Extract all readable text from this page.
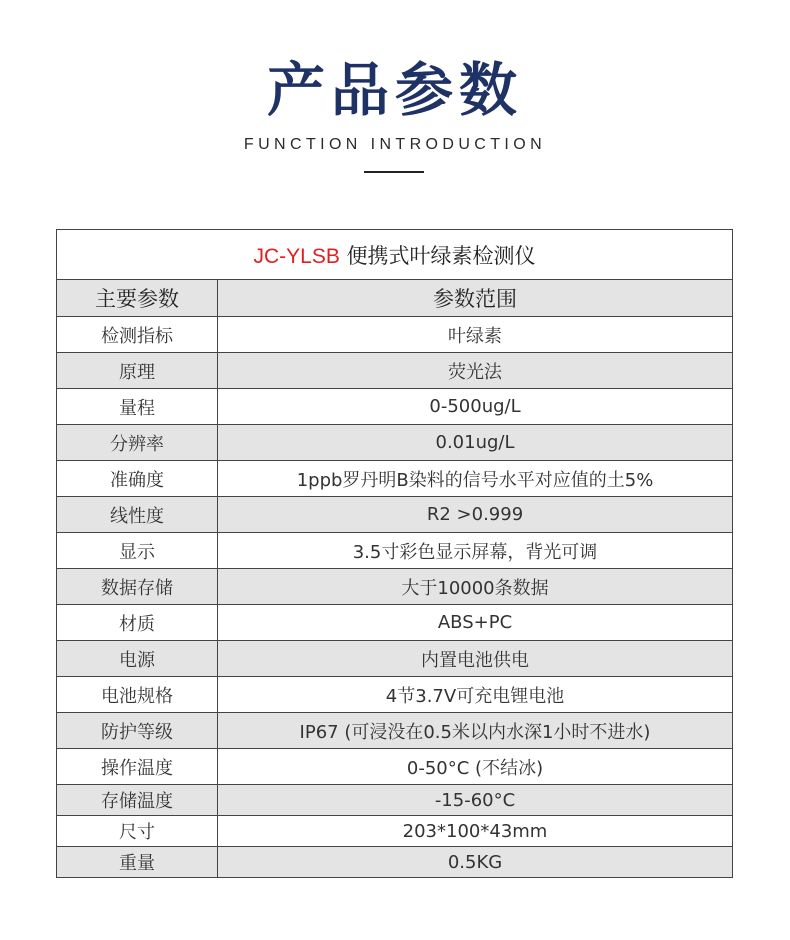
产品参数
FUNCTION INTRODUCTION
JC-YLSB 便携式叶绿素检测仪	
主要参数	参数范围
检测指标	叶绿素
原理	荧光法
量程	0-500ug/L
分辨率	0.01ug/L
准确度	1ppb罗丹明B染料的信号水平对应值的土5%
线性度	R2 >0.999
显示	3.5寸彩色显示屏幕，背光可调
数据存储	大于10000条数据
材质	ABS+PC
电源	内置电池供电
电池规格	4节3.7V可充电锂电池
防护等级	IP67 (可浸没在0.5米以内水深1小时不进水)
操作温度	0-50°C (不结冰)
存储温度	-15-60°C
尺寸	203*100*43mm
重量	0.5KG
